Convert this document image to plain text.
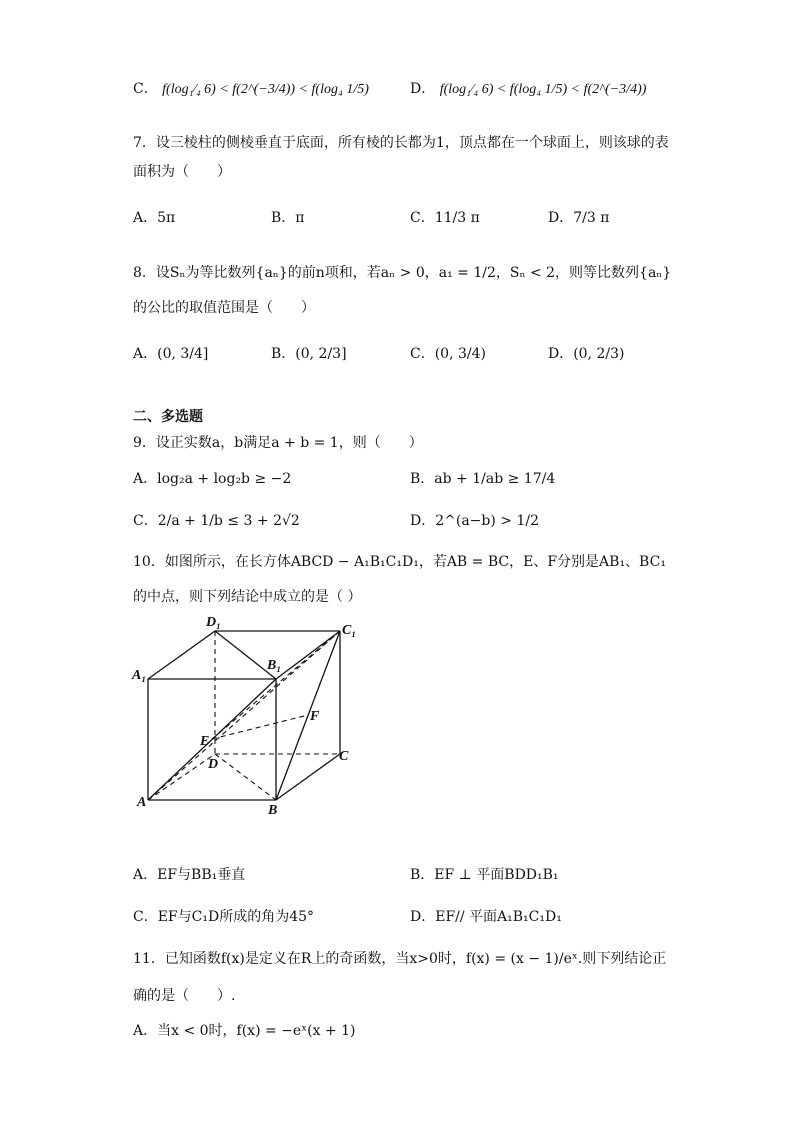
C． f(log₁⁄₄ 6) < f(2^(−3/4)) < f(log₄ 1/5)	D． f(log₁⁄₄ 6) < f(log₄ 1/5) < f(2^(−3/4))
7．设三棱柱的侧棱垂直于底面，所有棱的长都为1，顶点都在一个球面上，则该球的表
面积为（　　）
A．5π	B．π	C．11/3 π	D．7/3 π
8．设Sₙ为等比数列{aₙ}的前n项和，若aₙ > 0，a₁ = 1/2，Sₙ < 2，则等比数列{aₙ}
的公比的取值范围是（　　）
A．(0, 3/4]	B．(0, 2/3]	C．(0, 3/4)	D．(0, 2/3)
二、多选题
9．设正实数a，b满足a + b = 1，则（　　）
A．log₂a + log₂b ≥ −2	B．ab + 1/ab ≥ 17/4
C．2/a + 1/b ≤ 3 + 2√2	D．2^(a−b) > 1/2
10．如图所示，在长方体ABCD − A₁B₁C₁D₁，若AB = BC，E、F分别是AB₁、BC₁
的中点，则下列结论中成立的是（ ）
D₁
C₁
A₁
B₁
F
E
D
C
A
B
A．EF与BB₁垂直	B．EF ⊥ 平面BDD₁B₁
C．EF与C₁D所成的角为45°	D．EF// 平面A₁B₁C₁D₁
11．已知函数f(x)是定义在R上的奇函数，当x>0时，f(x) = (x − 1)/eˣ.则下列结论正
确的是（　　）.
A．当x < 0时，f(x) = −eˣ(x + 1)
